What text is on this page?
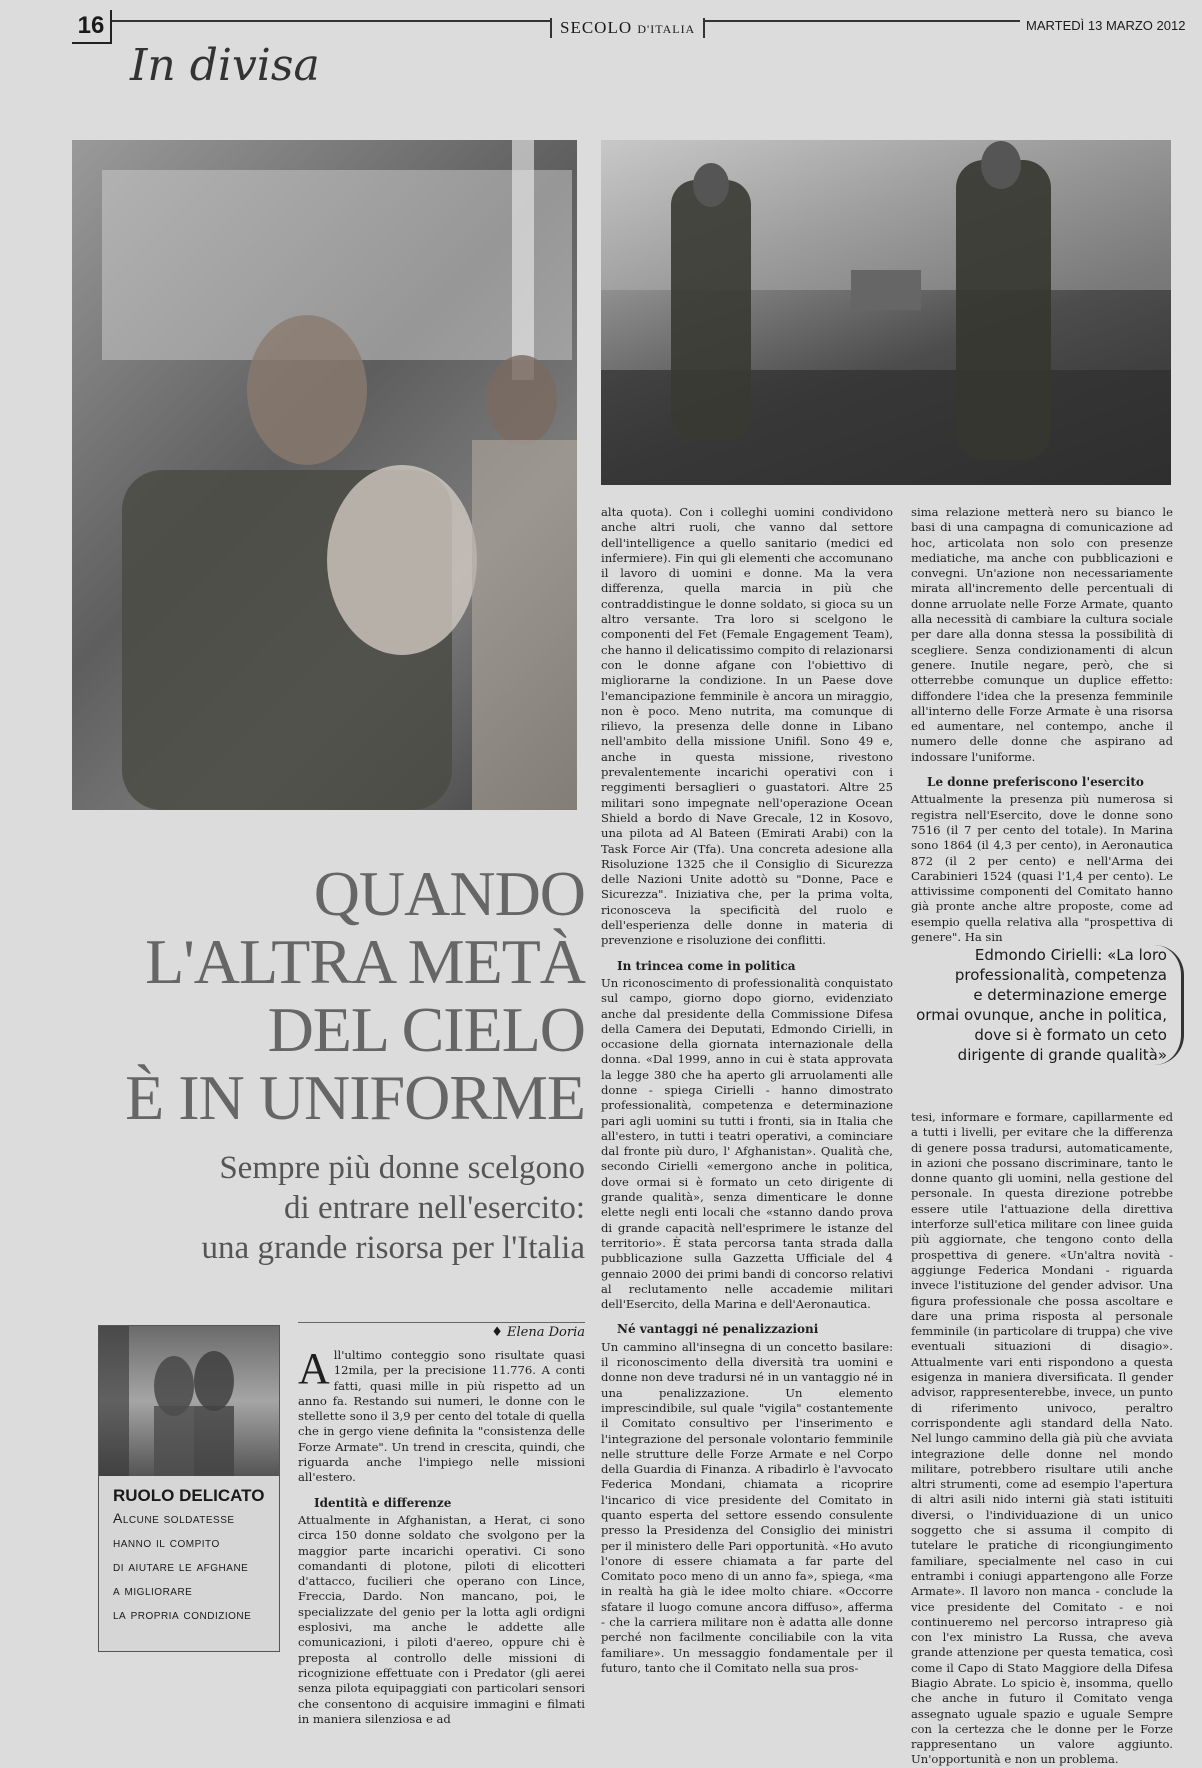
16	SECOLO D'ITALIA	MARTEDÌ 13 MARZO 2012
In divisa
QUANDO
L'ALTRA METÀ
DEL CIELO
È IN UNIFORME
Sempre più donne scelgono
di entrare nell'esercito:
una grande risorsa per l'Italia
RUOLO DELICATO
Alcune soldatesse
hanno il compito
di aiutare le afghane
a migliorare
la propria condizione
♦ Elena Doria

All'ultimo conteggio sono risultate quasi 12mila, per la precisione 11.776. A conti fatti, quasi mille in più rispetto ad un anno fa. Restando sui numeri, le donne con le stellette sono il 3,9 per cento del totale di quella che in gergo viene definita la "consistenza delle Forze Armate". Un trend in crescita, quindi, che riguarda anche l'impiego nelle missioni all'estero.

Identità e differenze

Attualmente in Afghanistan, a Herat, ci sono circa 150 donne soldato che svolgono per la maggior parte incarichi operativi. Ci sono comandanti di plotone, piloti di elicotteri d'attacco, fucilieri che operano con Lince, Freccia, Dardo. Non mancano, poi, le specializzate del genio per la lotta agli ordigni esplosivi, ma anche le addette alle comunicazioni, i piloti d'aereo, oppure chi è preposta al controllo delle missioni di ricognizione effettuate con i Predator (gli aerei senza pilota equipaggiati con particolari sensori che consentono di acquisire immagini e filmati in maniera silenziosa e ad

alta quota). Con i colleghi uomini condividono anche altri ruoli, che vanno dal settore dell'intelligence a quello sanitario (medici ed infermiere). Fin qui gli elementi che accomunano il lavoro di uomini e donne. Ma la vera differenza, quella marcia in più che contraddistingue le donne soldato, si gioca su un altro versante. Tra loro si scelgono le componenti del Fet (Female Engagement Team), che hanno il delicatissimo compito di relazionarsi con le donne afgane con l'obiettivo di migliorarne la condizione. In un Paese dove l'emancipazione femminile è ancora un miraggio, non è poco. Meno nutrita, ma comunque di rilievo, la presenza delle donne in Libano nell'ambito della missione Unifil. Sono 49 e, anche in questa missione, rivestono prevalentemente incarichi operativi con i reggimenti bersaglieri o guastatori. Altre 25 militari sono impegnate nell'operazione Ocean Shield a bordo di Nave Grecale, 12 in Kosovo, una pilota ad Al Bateen (Emirati Arabi) con la Task Force Air (Tfa). Una concreta adesione alla Risoluzione 1325 che il Consiglio di Sicurezza delle Nazioni Unite adottò su "Donne, Pace e Sicurezza". Iniziativa che, per la prima volta, riconosceva la specificità del ruolo e dell'esperienza delle donne in materia di prevenzione e risoluzione dei conflitti.

In trincea come in politica

Un riconoscimento di professionalità conquistato sul campo, giorno dopo giorno, evidenziato anche dal presidente della Commissione Difesa della Camera dei Deputati, Edmondo Cirielli, in occasione della giornata internazionale della donna. «Dal 1999, anno in cui è stata approvata la legge 380 che ha aperto gli arruolamenti alle donne - spiega Cirielli - hanno dimostrato professionalità, competenza e determinazione pari agli uomini su tutti i fronti, sia in Italia che all'estero, in tutti i teatri operativi, a cominciare dal fronte più duro, l' Afghanistan». Qualità che, secondo Cirielli «emergono anche in politica, dove ormai si è formato un ceto dirigente di grande qualità», senza dimenticare le donne elette negli enti locali che «stanno dando prova di grande capacità nell'esprimere le istanze del territorio». È stata percorsa tanta strada dalla pubblicazione sulla Gazzetta Ufficiale del 4 gennaio 2000 dei primi bandi di concorso relativi al reclutamento nelle accademie militari dell'Esercito, della Marina e dell'Aeronautica.

Né vantaggi né penalizzazioni

Un cammino all'insegna di un concetto basilare: il riconoscimento della diversità tra uomini e donne non deve tradursi né in un vantaggio né in una penalizzazione. Un elemento imprescindibile, sul quale "vigila" costantemente il Comitato consultivo per l'inserimento e l'integrazione del personale volontario femminile nelle strutture delle Forze Armate e nel Corpo della Guardia di Finanza. A ribadirlo è l'avvocato Federica Mondani, chiamata a ricoprire l'incarico di vice presidente del Comitato in quanto esperta del settore essendo consulente presso la Presidenza del Consiglio dei ministri per il ministero delle Pari opportunità. «Ho avuto l'onore di essere chiamata a far parte del Comitato poco meno di un anno fa», spiega, «ma in realtà ha già le idee molto chiare. «Occorre sfatare il luogo comune ancora diffuso», afferma - che la carriera militare non è adatta alle donne perché non facilmente conciliabile con la vita familiare». Un messaggio fondamentale per il futuro, tanto che il Comitato nella sua pros-

sima relazione metterà nero su bianco le basi di una campagna di comunicazione ad hoc, articolata non solo con presenze mediatiche, ma anche con pubblicazioni e convegni. Un'azione non necessariamente mirata all'incremento delle percentuali di donne arruolate nelle Forze Armate, quanto alla necessità di cambiare la cultura sociale per dare alla donna stessa la possibilità di scegliere. Senza condizionamenti di alcun genere. Inutile negare, però, che si otterrebbe comunque un duplice effetto: diffondere l'idea che la presenza femminile all'interno delle Forze Armate è una risorsa ed aumentare, nel contempo, anche il numero delle donne che aspirano ad indossare l'uniforme.

Le donne preferiscono l'esercito

Attualmente la presenza più numerosa si registra nell'Esercito, dove le donne sono 7516 (il 7 per cento del totale). In Marina sono 1864 (il 4,3 per cento), in Aeronautica 872 (il 2 per cento) e nell'Arma dei Carabinieri 1524 (quasi l'1,4 per cento). Le attivissime componenti del Comitato hanno già pronte anche altre proposte, come ad esempio quella relativa alla "prospettiva di genere". Ha sin

Edmondo Cirielli: «La loro
professionalità, competenza
e determinazione emerge
ormai ovunque, anche in politica,
dove si è formato un ceto
dirigente di grande qualità»

tesi, informare e formare, capillarmente ed a tutti i livelli, per evitare che la differenza di genere possa tradursi, automaticamente, in azioni che possano discriminare, tanto le donne quanto gli uomini, nella gestione del personale. In questa direzione potrebbe essere utile l'attuazione della direttiva interforze sull'etica militare con linee guida più aggiornate, che tengono conto della prospettiva di genere. «Un'altra novità - aggiunge Federica Mondani - riguarda invece l'istituzione del gender advisor. Una figura professionale che possa ascoltare e dare una prima risposta al personale femminile (in particolare di truppa) che vive eventuali situazioni di disagio». Attualmente vari enti rispondono a questa esigenza in maniera diversificata. Il gender advisor, rappresenterebbe, invece, un punto di riferimento univoco, peraltro corrispondente agli standard della Nato. Nel lungo cammino della già più che avviata integrazione delle donne nel mondo militare, potrebbero risultare utili anche altri strumenti, come ad esempio l'apertura di altri asili nido interni già stati istituiti diversi, o l'individuazione di un unico soggetto che si assuma il compito di tutelare le pratiche di ricongiungimento familiare, specialmente nel caso in cui entrambi i coniugi appartengono alle Forze Armate». Il lavoro non manca - conclude la vice presidente del Comitato - e noi continueremo nel percorso intrapreso già con l'ex ministro La Russa, che aveva grande attenzione per questa tematica, così come il Capo di Stato Maggiore della Difesa Biagio Abrate. Lo spicio è, insomma, quello che anche in futuro il Comitato venga assegnato uguale spazio e uguale Sempre con la certezza che le donne per le Forze rappresentano un valore aggiunto. Un'opportunità e non un problema.
